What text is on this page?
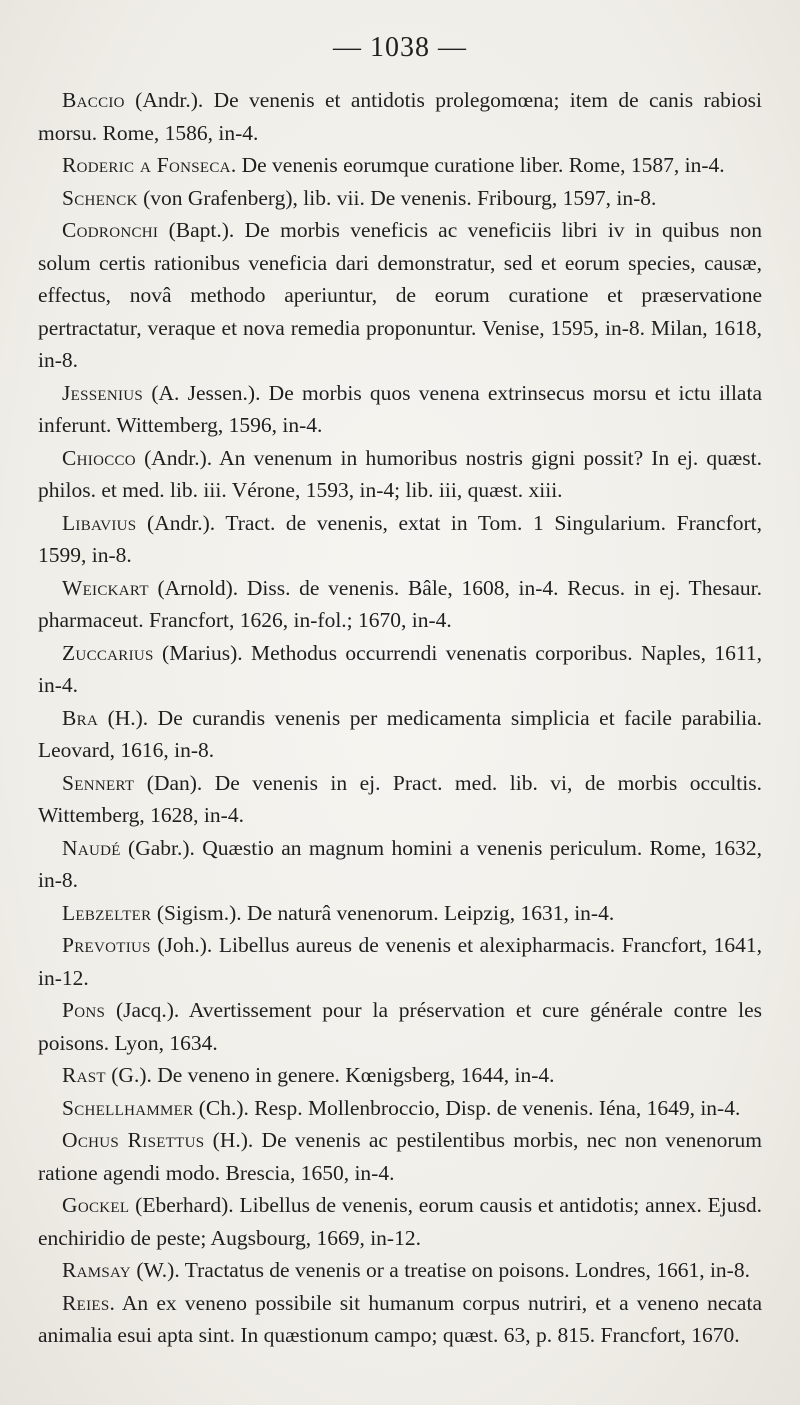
— 1038 —

Baccio (Andr.). De venenis et antidotis prolegomœna; item de canis rabiosi morsu. Rome, 1586, in-4.

Roderic a Fonseca. De venenis eorumque curatione liber. Rome, 1587, in-4.

Schenck (von Grafenberg), lib. vii. De venenis. Fribourg, 1597, in-8.

Codronchi (Bapt.). De morbis veneficis ac veneficiis libri iv in quibus non solum certis rationibus veneficia dari demonstratur, sed et eorum species, causæ, effectus, novâ methodo aperiuntur, de eorum curatione et præservatione pertractatur, veraque et nova remedia proponuntur. Venise, 1595, in-8. Milan, 1618, in-8.

Jessenius (A. Jessen.). De morbis quos venena extrinsecus morsu et ictu illata inferunt. Wittemberg, 1596, in-4.

Chiocco (Andr.). An venenum in humoribus nostris gigni possit? In ej. quæst. philos. et med. lib. iii. Vérone, 1593, in-4; lib. iii, quæst. xiii.

Libavius (Andr.). Tract. de venenis, extat in Tom. 1 Singularium. Francfort, 1599, in-8.

Weickart (Arnold). Diss. de venenis. Bâle, 1608, in-4. Recus. in ej. Thesaur. pharmaceut. Francfort, 1626, in-fol.; 1670, in-4.

Zuccarius (Marius). Methodus occurrendi venenatis corporibus. Naples, 1611, in-4.

Bra (H.). De curandis venenis per medicamenta simplicia et facile parabilia. Leovard, 1616, in-8.

Sennert (Dan). De venenis in ej. Pract. med. lib. vi, de morbis occultis. Wittemberg, 1628, in-4.

Naudé (Gabr.). Quæstio an magnum homini a venenis periculum. Rome, 1632, in-8.

Lebzelter (Sigism.). De naturâ venenorum. Leipzig, 1631, in-4.

Prevotius (Joh.). Libellus aureus de venenis et alexipharmacis. Francfort, 1641, in-12.

Pons (Jacq.). Avertissement pour la préservation et cure générale contre les poisons. Lyon, 1634.

Rast (G.). De veneno in genere. Kœnigsberg, 1644, in-4.

Schellhammer (Ch.). Resp. Mollenbroccio, Disp. de venenis. Iéna, 1649, in-4.

Ochus Risettus (H.). De venenis ac pestilentibus morbis, nec non venenorum ratione agendi modo. Brescia, 1650, in-4.

Gockel (Eberhard). Libellus de venenis, eorum causis et antidotis; annex. Ejusd. enchiridio de peste; Augsbourg, 1669, in-12.

Ramsay (W.). Tractatus de venenis or a treatise on poisons. Londres, 1661, in-8.

Reies. An ex veneno possibile sit humanum corpus nutriri, et a veneno necata animalia esui apta sint. In quæstionum campo; quæst. 63, p. 815. Francfort, 1670.
